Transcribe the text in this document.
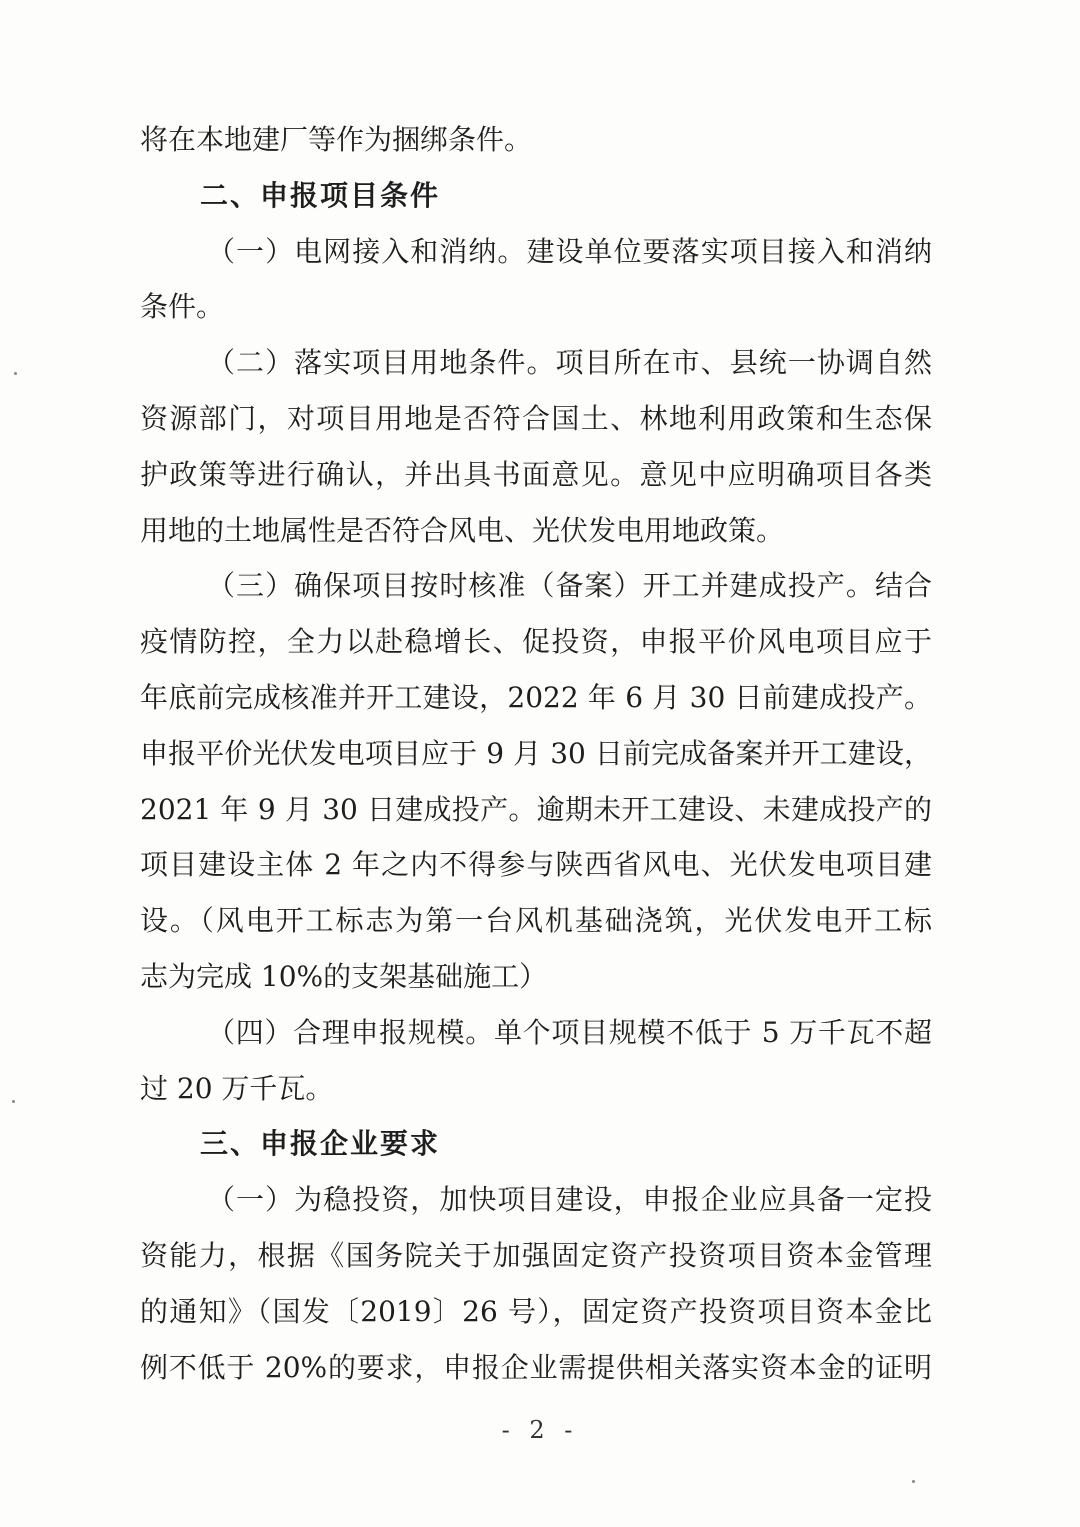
将在本地建厂等作为捆绑条件。
二、申报项目条件
（一）电网接入和消纳。建设单位要落实项目接入和消纳
条件。
（二）落实项目用地条件。项目所在市、县统一协调自然
资源部门，对项目用地是否符合国土、林地利用政策和生态保
护政策等进行确认，并出具书面意见。意见中应明确项目各类
用地的土地属性是否符合风电、光伏发电用地政策。
（三）确保项目按时核准（备案）开工并建成投产。结合
疫情防控，全力以赴稳增长、促投资，申报平价风电项目应于
年底前完成核准并开工建设，2022 年 6 月 30 日前建成投产。
申报平价光伏发电项目应于 9 月 30 日前完成备案并开工建设，
2021 年 9 月 30 日建成投产。逾期未开工建设、未建成投产的
项目建设主体 2 年之内不得参与陕西省风电、光伏发电项目建
设。（风电开工标志为第一台风机基础浇筑，光伏发电开工标
志为完成 10%的支架基础施工）
（四）合理申报规模。单个项目规模不低于 5 万千瓦不超
过 20 万千瓦。
三、申报企业要求
（一）为稳投资，加快项目建设，申报企业应具备一定投
资能力，根据《国务院关于加强固定资产投资项目资本金管理
的通知》（国发〔2019〕26 号），固定资产投资项目资本金比
例不低于 20%的要求，申报企业需提供相关落实资本金的证明
- 2 -
